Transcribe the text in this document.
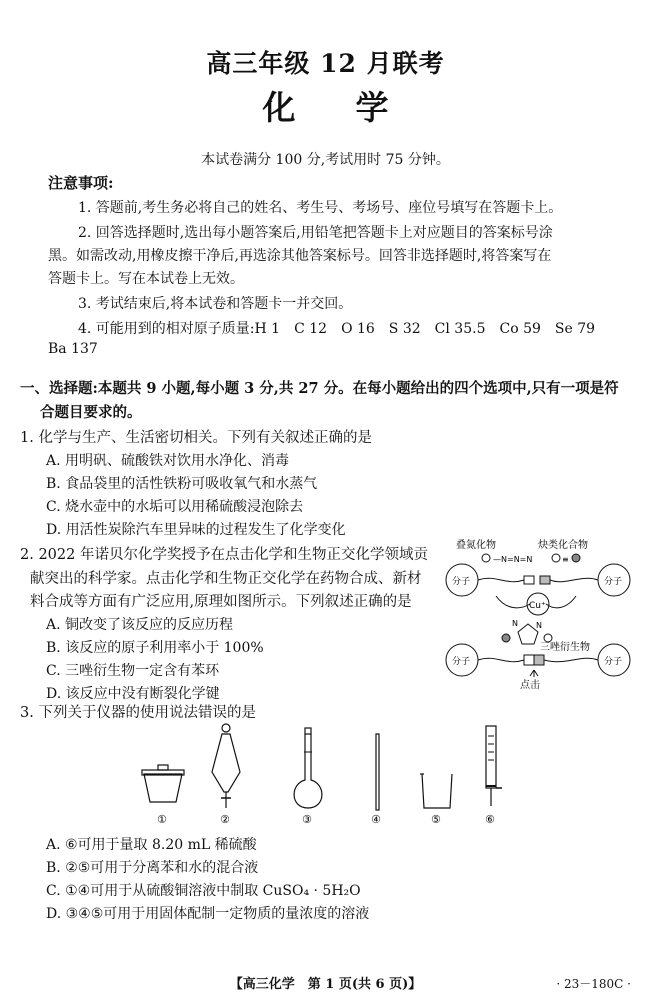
高三年级 12 月联考
化学
本试卷满分 100 分,考试用时 75 分钟。
注意事项:
1. 答题前,考生务必将自己的姓名、考生号、考场号、座位号填写在答题卡上。
2. 回答选择题时,选出每小题答案后,用铅笔把答题卡上对应题目的答案标号涂
黑。如需改动,用橡皮擦干净后,再选涂其他答案标号。回答非选择题时,将答案写在
答题卡上。写在本试卷上无效。
3. 考试结束后,将本试卷和答题卡一并交回。
4. 可能用到的相对原子质量:H 1　C 12　O 16　S 32　Cl 35.5　Co 59　Se 79
Ba 137
一、选择题:本题共 9 小题,每小题 3 分,共 27 分。在每小题给出的四个选项中,只有一项是符
合题目要求的。
1. 化学与生产、生活密切相关。下列有关叙述正确的是
A. 用明矾、硫酸铁对饮用水净化、消毒
B. 食品袋里的活性铁粉可吸收氧气和水蒸气
C. 烧水壶中的水垢可以用稀硫酸浸泡除去
D. 用活性炭除汽车里异味的过程发生了化学变化
2. 2022 年诺贝尔化学奖授予在点击化学和生物正交化学领域贡
献突出的科学家。点击化学和生物正交化学在药物合成、新材
料合成等方面有广泛应用,原理如图所示。下列叙述正确的是
A. 铜改变了该反应的反应历程
B. 该反应的原子利用率小于 100%
C. 三唑衍生物一定含有苯环
D. 该反应中没有断裂化学键
叠氮化物	炔类化合物
—N=N=N	≡
分子	分子
Cu⁺
N N
三唑衍生物
分子	分子
点击
3. 下列关于仪器的使用说法错误的是
①	②	③	④	⑤	⑥
A. ⑥可用于量取 8.20 mL 稀硫酸
B. ②⑤可用于分离苯和水的混合液
C. ①④可用于从硫酸铜溶液中制取 CuSO₄ · 5H₂O
D. ③④⑤可用于用固体配制一定物质的量浓度的溶液
【高三化学　第 1 页(共 6 页)】	· 23－180C ·
